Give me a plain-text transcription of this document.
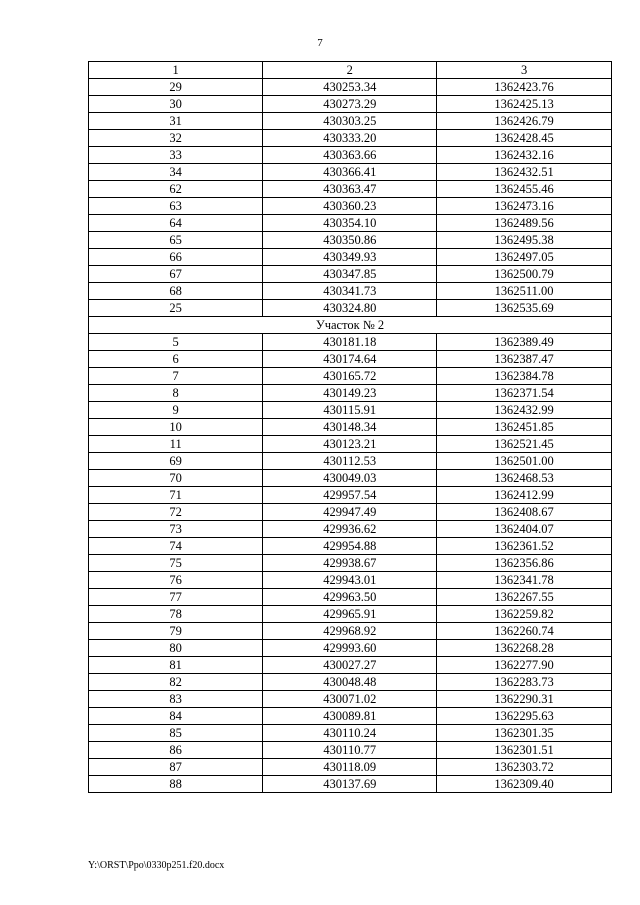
7
1	2	3
29	430253.34	1362423.76
30	430273.29	1362425.13
31	430303.25	1362426.79
32	430333.20	1362428.45
33	430363.66	1362432.16
34	430366.41	1362432.51
62	430363.47	1362455.46
63	430360.23	1362473.16
64	430354.10	1362489.56
65	430350.86	1362495.38
66	430349.93	1362497.05
67	430347.85	1362500.79
68	430341.73	1362511.00
25	430324.80	1362535.69
Участок № 2		
5	430181.18	1362389.49
6	430174.64	1362387.47
7	430165.72	1362384.78
8	430149.23	1362371.54
9	430115.91	1362432.99
10	430148.34	1362451.85
11	430123.21	1362521.45
69	430112.53	1362501.00
70	430049.03	1362468.53
71	429957.54	1362412.99
72	429947.49	1362408.67
73	429936.62	1362404.07
74	429954.88	1362361.52
75	429938.67	1362356.86
76	429943.01	1362341.78
77	429963.50	1362267.55
78	429965.91	1362259.82
79	429968.92	1362260.74
80	429993.60	1362268.28
81	430027.27	1362277.90
82	430048.48	1362283.73
83	430071.02	1362290.31
84	430089.81	1362295.63
85	430110.24	1362301.35
86	430110.77	1362301.51
87	430118.09	1362303.72
88	430137.69	1362309.40
Y:\ORST\Ppo\0330p251.f20.docx
